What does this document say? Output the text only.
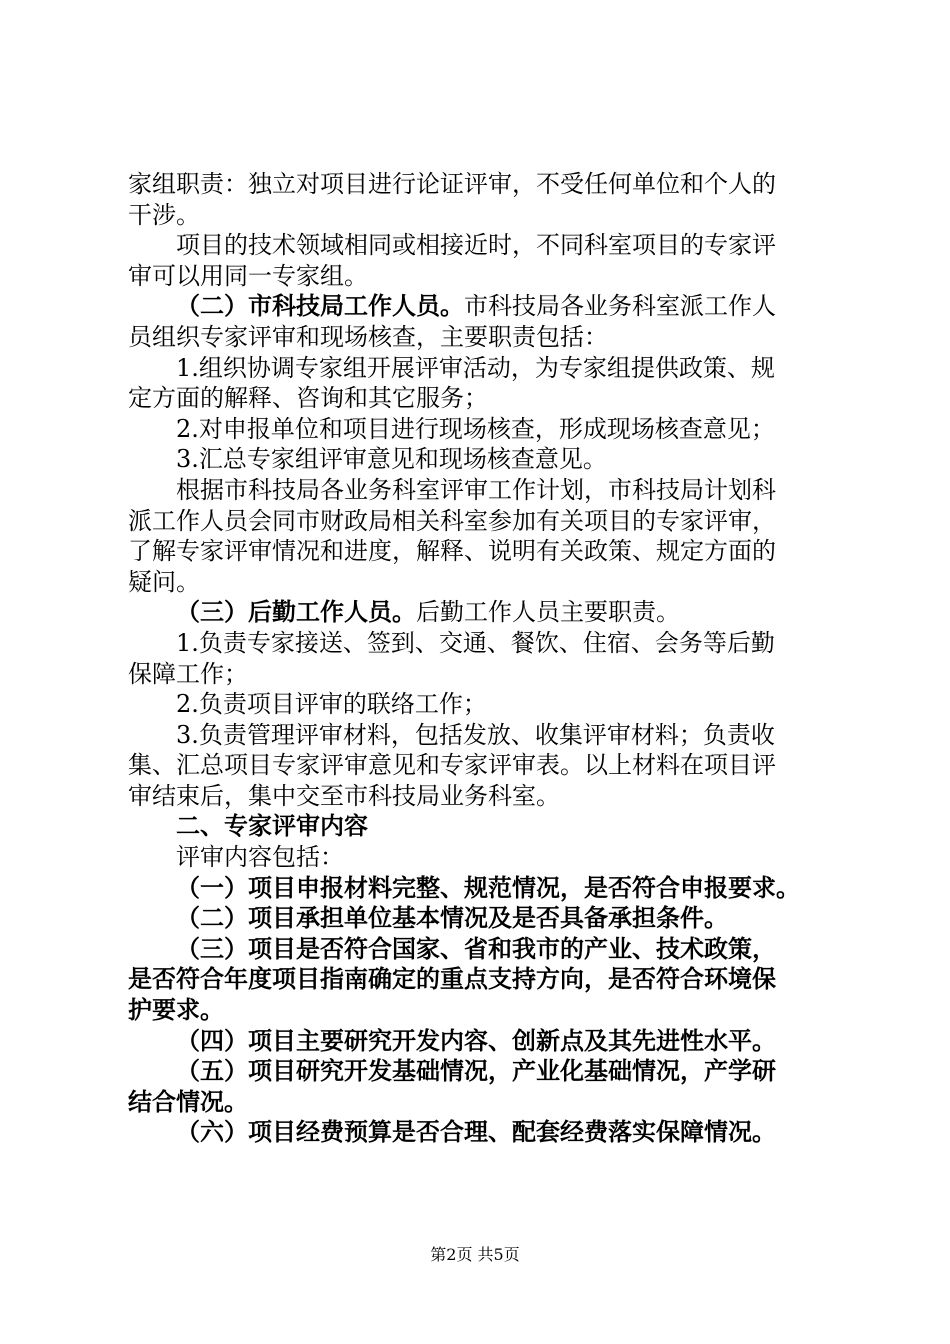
家组职责：独立对项目进行论证评审，不受任何单位和个人的
干涉。
项目的技术领域相同或相接近时，不同科室项目的专家评
审可以用同一专家组。
（二）市科技局工作人员。市科技局各业务科室派工作人
员组织专家评审和现场核查，主要职责包括：
1.组织协调专家组开展评审活动，为专家组提供政策、规
定方面的解释、咨询和其它服务；
2.对申报单位和项目进行现场核查，形成现场核查意见；
3.汇总专家组评审意见和现场核查意见。
根据市科技局各业务科室评审工作计划，市科技局计划科
派工作人员会同市财政局相关科室参加有关项目的专家评审，
了解专家评审情况和进度，解释、说明有关政策、规定方面的
疑问。
（三）后勤工作人员。后勤工作人员主要职责。
1.负责专家接送、签到、交通、餐饮、住宿、会务等后勤
保障工作；
2.负责项目评审的联络工作；
3.负责管理评审材料，包括发放、收集评审材料；负责收
集、汇总项目专家评审意见和专家评审表。以上材料在项目评
审结束后，集中交至市科技局业务科室。
二、专家评审内容
评审内容包括：
（一）项目申报材料完整、规范情况，是否符合申报要求。
（二）项目承担单位基本情况及是否具备承担条件。
（三）项目是否符合国家、省和我市的产业、技术政策，
是否符合年度项目指南确定的重点支持方向，是否符合环境保
护要求。
（四）项目主要研究开发内容、创新点及其先进性水平。
（五）项目研究开发基础情况，产业化基础情况，产学研
结合情况。
（六）项目经费预算是否合理、配套经费落实保障情况。
第2页 共5页
